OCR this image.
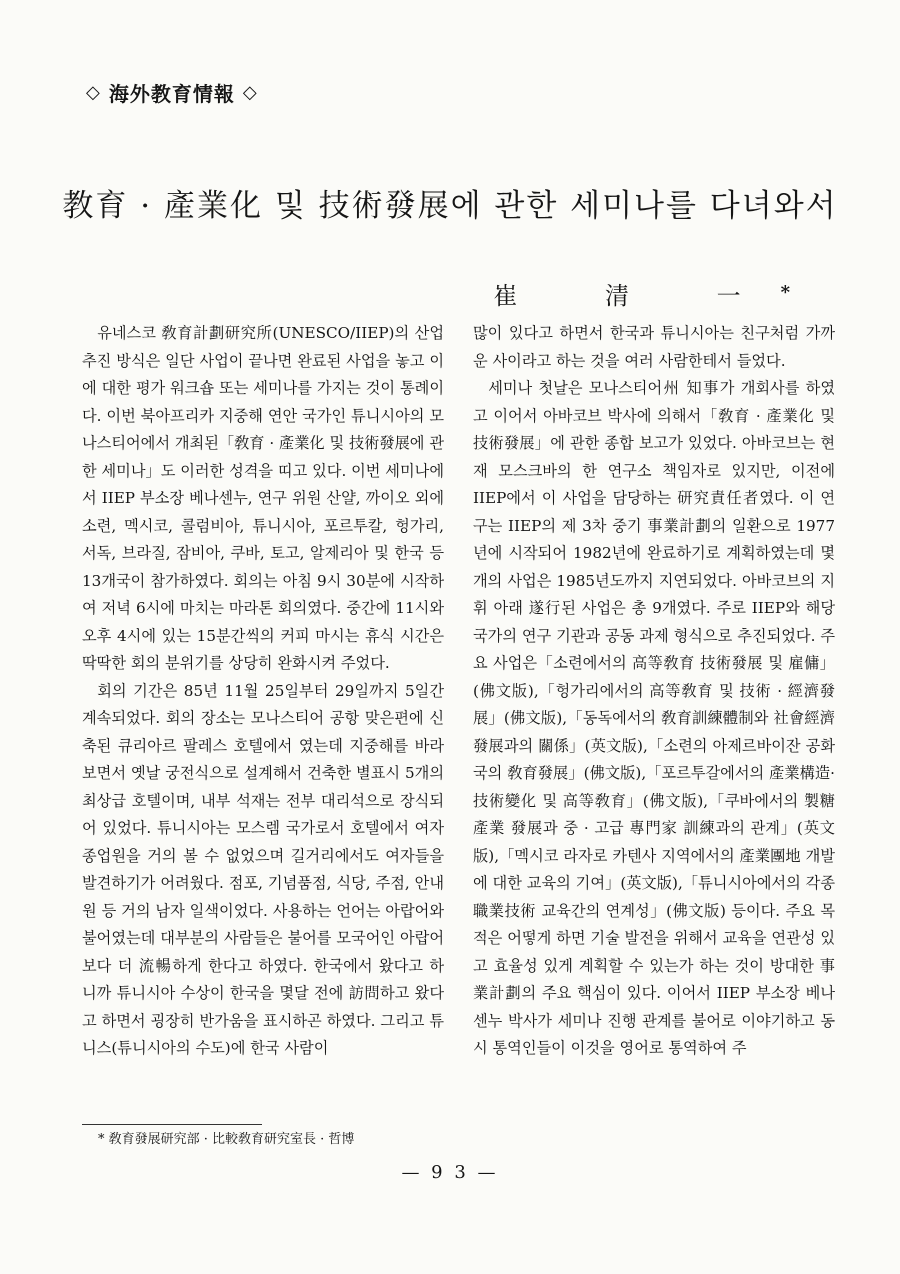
◇ 海外教育情報 ◇
教育 · 產業化 및 技術發展에 관한 세미나를 다녀와서
崔 清 一*

유네스코 敎育計劃研究所(UNESCO/IIEP)의 산업 추진 방식은 일단 사업이 끝나면 완료된 사업을 놓고 이에 대한 평가 워크숍 또는 세미나를 가지는 것이 통례이다. 이번 북아프리카 지중해 연안 국가인 튜니시아의 모나스티어에서 개최된「敎育 · 產業化 및 技術發展에 관한 세미나」도 이러한 성격을 띠고 있다. 이번 세미나에서 IIEP 부소장 베나센누, 연구 위원 산얄, 까이오 외에 소련, 멕시코, 콜럼비아, 튜니시아, 포르투칼, 헝가리, 서독, 브라질, 잠비아, 쿠바, 토고, 알제리아 및 한국 등 13개국이 참가하였다. 회의는 아침 9시 30분에 시작하여 저녁 6시에 마치는 마라톤 회의였다. 중간에 11시와 오후 4시에 있는 15분간씩의 커피 마시는 휴식 시간은 딱딱한 회의 분위기를 상당히 완화시켜 주었다.

회의 기간은 85년 11월 25일부터 29일까지 5일간 계속되었다. 회의 장소는 모나스티어 공항 맞은편에 신축된 큐리아르 팔레스 호텔에서 였는데 지중해를 바라보면서 옛날 궁전식으로 설계해서 건축한 별표시 5개의 최상급 호텔이며, 내부 석재는 전부 대리석으로 장식되어 있었다. 튜니시아는 모스렘 국가로서 호텔에서 여자 종업원을 거의 볼 수 없었으며 길거리에서도 여자들을 발견하기가 어려웠다. 점포, 기념품점, 식당, 주점, 안내원 등 거의 남자 일색이었다. 사용하는 언어는 아랍어와 불어였는데 대부분의 사람들은 불어를 모국어인 아랍어보다 더 流暢하게 한다고 하였다. 한국에서 왔다고 하니까 튜니시아 수상이 한국을 몇달 전에 訪問하고 왔다고 하면서 굉장히 반가움을 표시하곤 하였다. 그리고 튜니스(튜니시아의 수도)에 한국 사람이

많이 있다고 하면서 한국과 튜니시아는 친구처럼 가까운 사이라고 하는 것을 여러 사람한테서 들었다.

세미나 첫날은 모나스티어州 知事가 개회사를 하였고 이어서 아바코브 박사에 의해서「敎育 · 產業化 및 技術發展」에 관한 종합 보고가 있었다. 아바코브는 현재 모스크바의 한 연구소 책임자로 있지만, 이전에 IIEP에서 이 사업을 담당하는 研究責任者였다. 이 연구는 IIEP의 제 3차 중기 事業計劃의 일환으로 1977년에 시작되어 1982년에 완료하기로 계획하였는데 몇개의 사업은 1985년도까지 지연되었다. 아바코브의 지휘 아래 遂行된 사업은 총 9개였다. 주로 IIEP와 해당 국가의 연구 기관과 공동 과제 형식으로 추진되었다. 주요 사업은「소련에서의 高等敎育 技術發展 및 雇傭」(佛文版),「헝가리에서의 高等敎育 및 技術 · 經濟發展」(佛文版),「동독에서의 敎育訓練體制와 社會經濟 發展과의 關係」(英文版),「소련의 아제르바이잔 공화국의 敎育發展」(佛文版),「포르투갈에서의 產業構造·技術變化 및 高等敎育」(佛文版),「쿠바에서의 製糖產業 發展과 중 · 고급 專門家 訓練과의 관계」(英文版),「멕시코 라자로 카텐사 지역에서의 產業團地 개발에 대한 교육의 기여」(英文版),「튜니시아에서의 각종 職業技術 교육간의 연계성」(佛文版) 등이다. 주요 목적은 어떻게 하면 기술 발전을 위해서 교육을 연관성 있고 효율성 있게 계획할 수 있는가 하는 것이 방대한 事業計劃의 주요 핵심이 있다. 이어서 IIEP 부소장 베나센누 박사가 세미나 진행 관계를 불어로 이야기하고 동시 통역인들이 이것을 영어로 통역하여 주

* 敎育發展研究部 · 比較敎育研究室長 · 哲博
— 9 3 —
